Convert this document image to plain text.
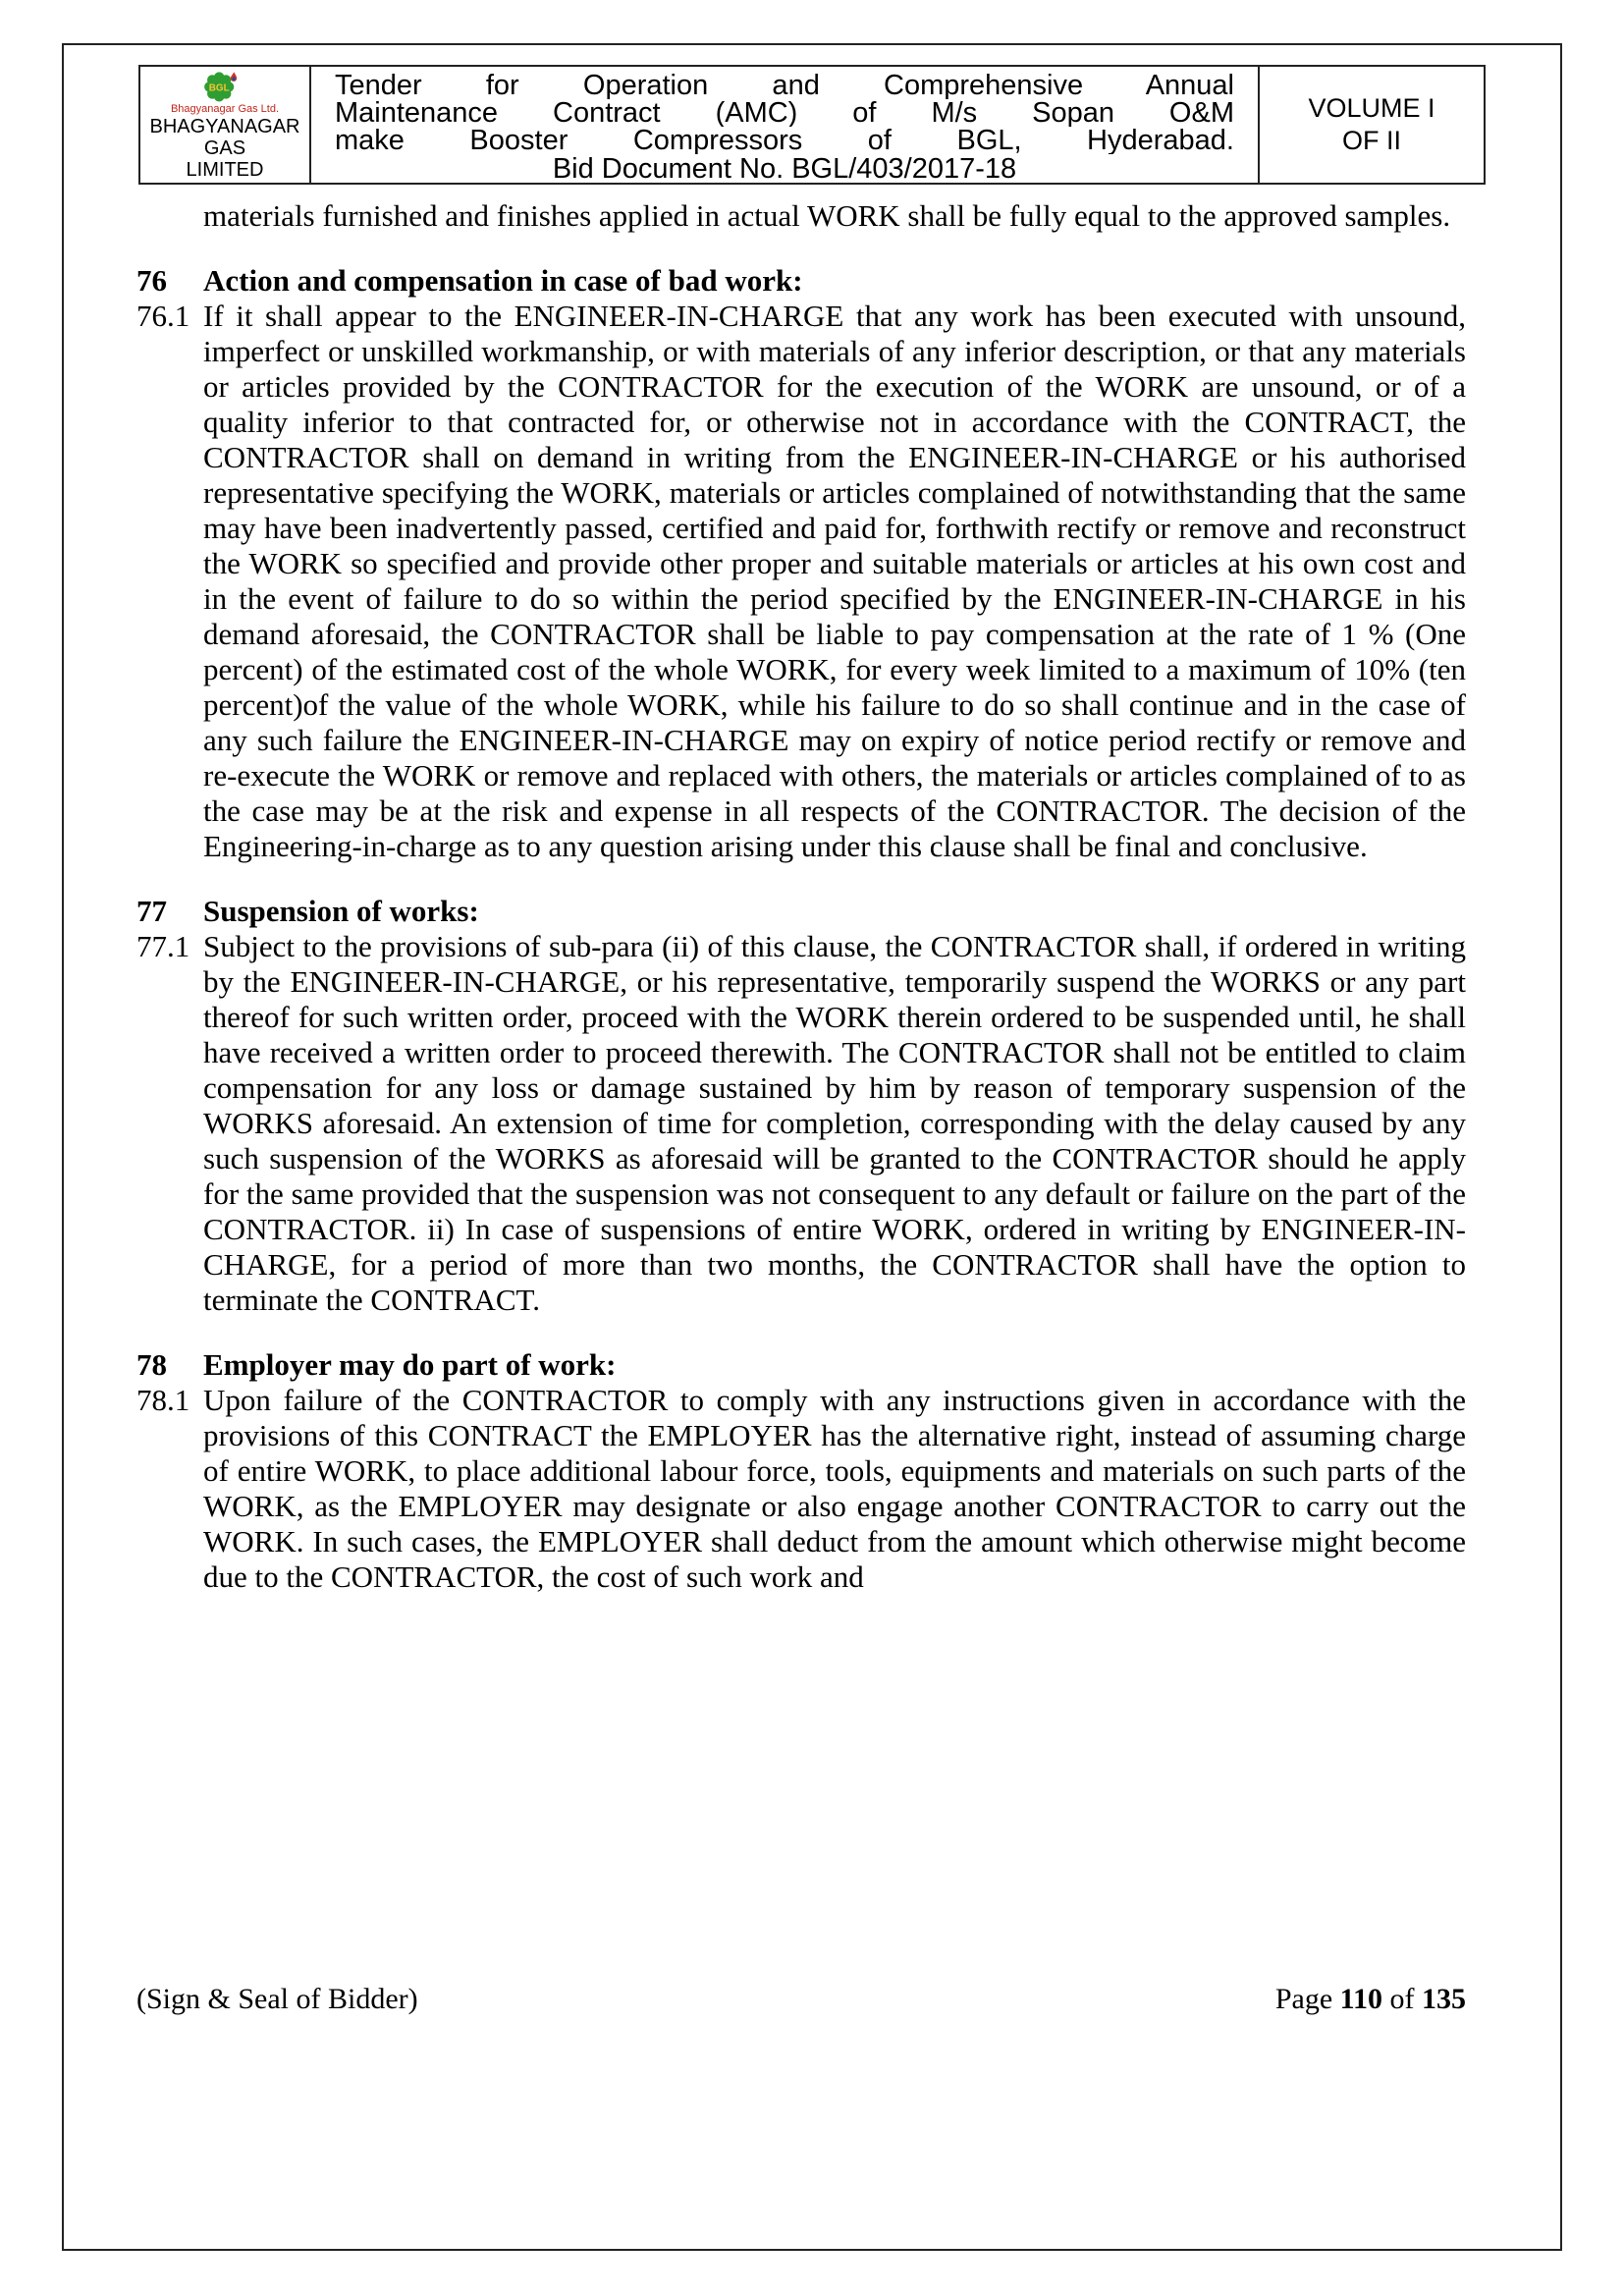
BGL
Bhagyanagar Gas Ltd.
BHAGYANAGAR GAS
LIMITED
Tender for Operation and Comprehensive Annual
Maintenance Contract (AMC) of M/s Sopan O&M
make Booster Compressors of BGL, Hyderabad.
Bid Document No. BGL/403/2017-18
VOLUME I
OF II
materials furnished and finishes applied in actual WORK shall be fully equal to the approved samples.
76	Action and compensation in case of bad work:
76.1 If it shall appear to the ENGINEER-IN-CHARGE that any work has been executed with unsound, imperfect or unskilled workmanship, or with materials of any inferior description, or that any materials or articles provided by the CONTRACTOR for the execution of the WORK are unsound, or of a quality inferior to that contracted for, or otherwise not in accordance with the CONTRACT, the CONTRACTOR shall on demand in writing from the ENGINEER-IN-CHARGE or his authorised representative specifying the WORK, materials or articles complained of notwithstanding that the same may have been inadvertently passed, certified and paid for, forthwith rectify or remove and reconstruct the WORK so specified and provide other proper and suitable materials or articles at his own cost and in the event of failure to do so within the period specified by the ENGINEER-IN-CHARGE in his demand aforesaid, the CONTRACTOR shall be liable to pay compensation at the rate of 1 % (One percent) of the estimated cost of the whole WORK, for every week limited to a maximum of 10% (ten percent)of the value of the whole WORK, while his failure to do so shall continue and in the case of any such failure the ENGINEER-IN-CHARGE may on expiry of notice period rectify or remove and re-execute the WORK or remove and replaced with others, the materials or articles complained of to as the case may be at the risk and expense in all respects of the CONTRACTOR. The decision of the Engineering-in-charge as to any question arising under this clause shall be final and conclusive.
77	Suspension of works:
77.1 Subject to the provisions of sub-para (ii) of this clause, the CONTRACTOR shall, if ordered in writing by the ENGINEER-IN-CHARGE, or his representative, temporarily suspend the WORKS or any part thereof for such written order, proceed with the WORK therein ordered to be suspended until, he shall have received a written order to proceed therewith. The CONTRACTOR shall not be entitled to claim compensation for any loss or damage sustained by him by reason of temporary suspension of the WORKS aforesaid. An extension of time for completion, corresponding with the delay caused by any such suspension of the WORKS as aforesaid will be granted to the CONTRACTOR should he apply for the same provided that the suspension was not consequent to any default or failure on the part of the CONTRACTOR. ii) In case of suspensions of entire WORK, ordered in writing by ENGINEER-IN-CHARGE, for a period of more than two months, the CONTRACTOR shall have the option to terminate the CONTRACT.
78	Employer may do part of work:
78.1 Upon failure of the CONTRACTOR to comply with any instructions given in accordance with the provisions of this CONTRACT the EMPLOYER has the alternative right, instead of assuming charge of entire WORK, to place additional labour force, tools, equipments and materials on such parts of the WORK, as the EMPLOYER may designate or also engage another CONTRACTOR to carry out the WORK. In such cases, the EMPLOYER shall deduct from the amount which otherwise might become due to the CONTRACTOR, the cost of such work and
(Sign & Seal of Bidder)	Page 110 of 135
